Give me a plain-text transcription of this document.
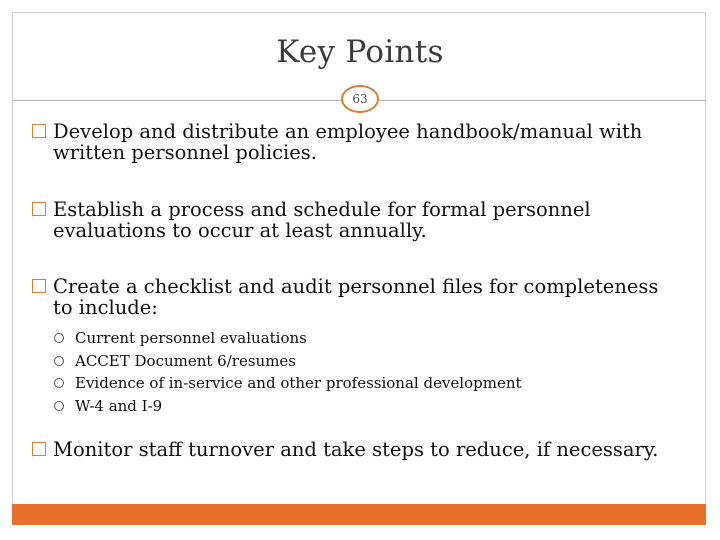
Key Points
63
Develop and distribute an employee handbook/manual with written personnel policies.
Establish a process and schedule for formal personnel evaluations to occur at least annually.
Create a checklist and audit personnel files for completeness to include:
Current personnel evaluations
ACCET Document 6/resumes
Evidence of in-service and other professional development
W-4 and I-9
Monitor staff turnover and take steps to reduce, if necessary.
